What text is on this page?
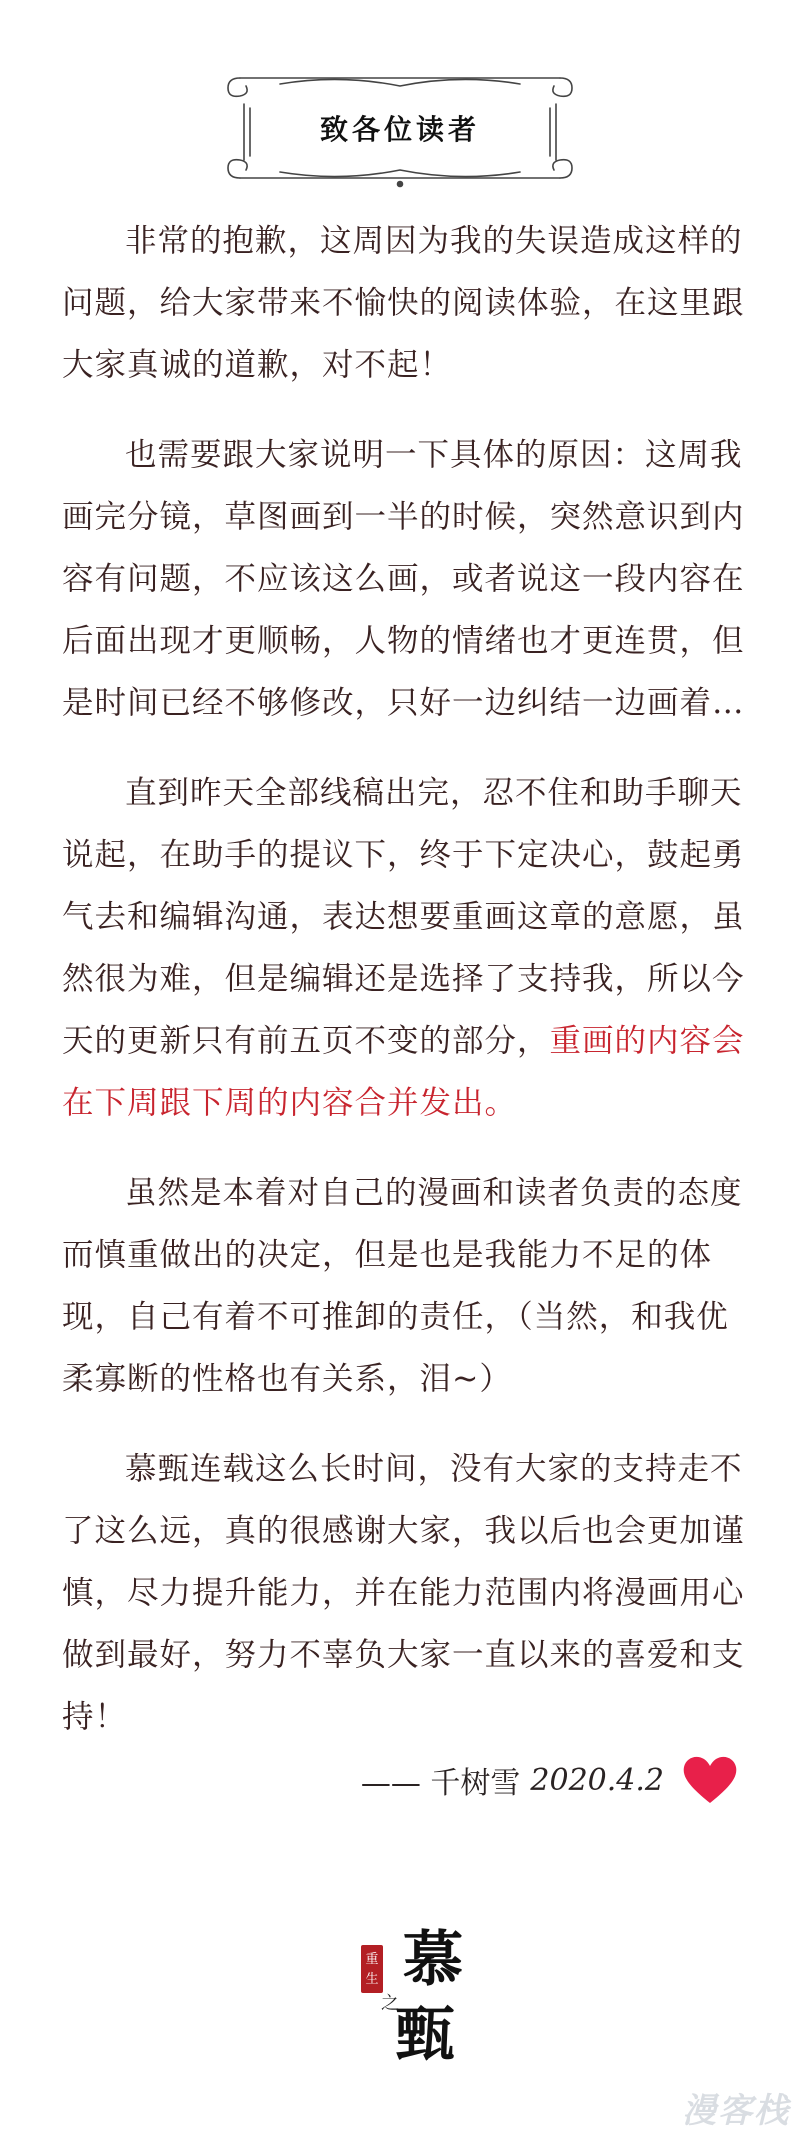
致各位读者

非常的抱歉，这周因为我的失误造成这样的问题，给大家带来不愉快的阅读体验，在这里跟大家真诚的道歉，对不起！

也需要跟大家说明一下具体的原因：这周我画完分镜，草图画到一半的时候，突然意识到内容有问题，不应该这么画，或者说这一段内容在后面出现才更顺畅，人物的情绪也才更连贯，但是时间已经不够修改，只好一边纠结一边画着…

直到昨天全部线稿出完，忍不住和助手聊天说起，在助手的提议下，终于下定决心，鼓起勇气去和编辑沟通，表达想要重画这章的意愿，虽然很为难，但是编辑还是选择了支持我，所以今天的更新只有前五页不变的部分，重画的内容会在下周跟下周的内容合并发出。

虽然是本着对自己的漫画和读者负责的态度而慎重做出的决定，但是也是我能力不足的体现，自己有着不可推卸的责任，（当然，和我优柔寡断的性格也有关系，泪~）

慕甄连载这么长时间，没有大家的支持走不了这么远，真的很感谢大家，我以后也会更加谨慎，尽力提升能力，并在能力范围内将漫画用心做到最好，努力不辜负大家一直以来的喜爱和支持！

—— 千树雪 2020.4.2
重
生
之
慕
甄
漫客栈
